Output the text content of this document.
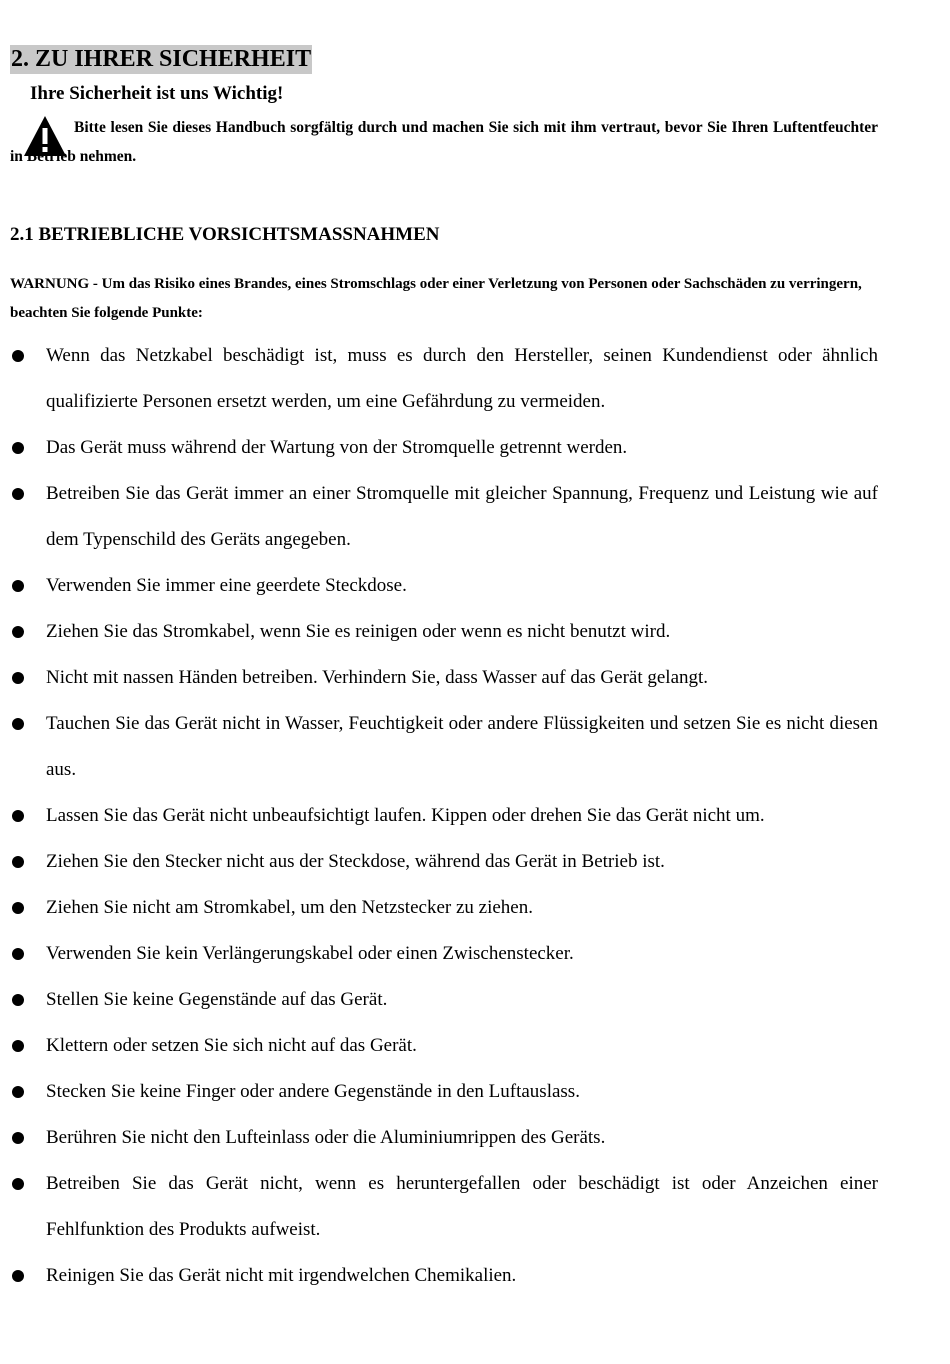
2. ZU IHRER SICHERHEIT
Ihre Sicherheit ist uns Wichtig!
Bitte lesen Sie dieses Handbuch sorgfältig durch und machen Sie sich mit ihm vertraut, bevor Sie Ihren Luftentfeuchter in Betrieb nehmen.
2.1 BETRIEBLICHE VORSICHTSMASSNAHMEN
WARNUNG - Um das Risiko eines Brandes, eines Stromschlags oder einer Verletzung von Personen oder Sachschäden zu verringern, beachten Sie folgende Punkte:
Wenn das Netzkabel beschädigt ist, muss es durch den Hersteller, seinen Kundendienst oder ähnlich qualifizierte Personen ersetzt werden, um eine Gefährdung zu vermeiden.
Das Gerät muss während der Wartung von der Stromquelle getrennt werden.
Betreiben Sie das Gerät immer an einer Stromquelle mit gleicher Spannung, Frequenz und Leistung wie auf dem Typenschild des Geräts angegeben.
Verwenden Sie immer eine geerdete Steckdose.
Ziehen Sie das Stromkabel, wenn Sie es reinigen oder wenn es nicht benutzt wird.
Nicht mit nassen Händen betreiben. Verhindern Sie, dass Wasser auf das Gerät gelangt.
Tauchen Sie das Gerät nicht in Wasser, Feuchtigkeit oder andere Flüssigkeiten und setzen Sie es nicht diesen aus.
Lassen Sie das Gerät nicht unbeaufsichtigt laufen. Kippen oder drehen Sie das Gerät nicht um.
Ziehen Sie den Stecker nicht aus der Steckdose, während das Gerät in Betrieb ist.
Ziehen Sie nicht am Stromkabel, um den Netzstecker zu ziehen.
Verwenden Sie kein Verlängerungskabel oder einen Zwischenstecker.
Stellen Sie keine Gegenstände auf das Gerät.
Klettern oder setzen Sie sich nicht auf das Gerät.
Stecken Sie keine Finger oder andere Gegenstände in den Luftauslass.
Berühren Sie nicht den Lufteinlass oder die Aluminiumrippen des Geräts.
Betreiben Sie das Gerät nicht, wenn es heruntergefallen oder beschädigt ist oder Anzeichen einer Fehlfunktion des Produkts aufweist.
Reinigen Sie das Gerät nicht mit irgendwelchen Chemikalien.
